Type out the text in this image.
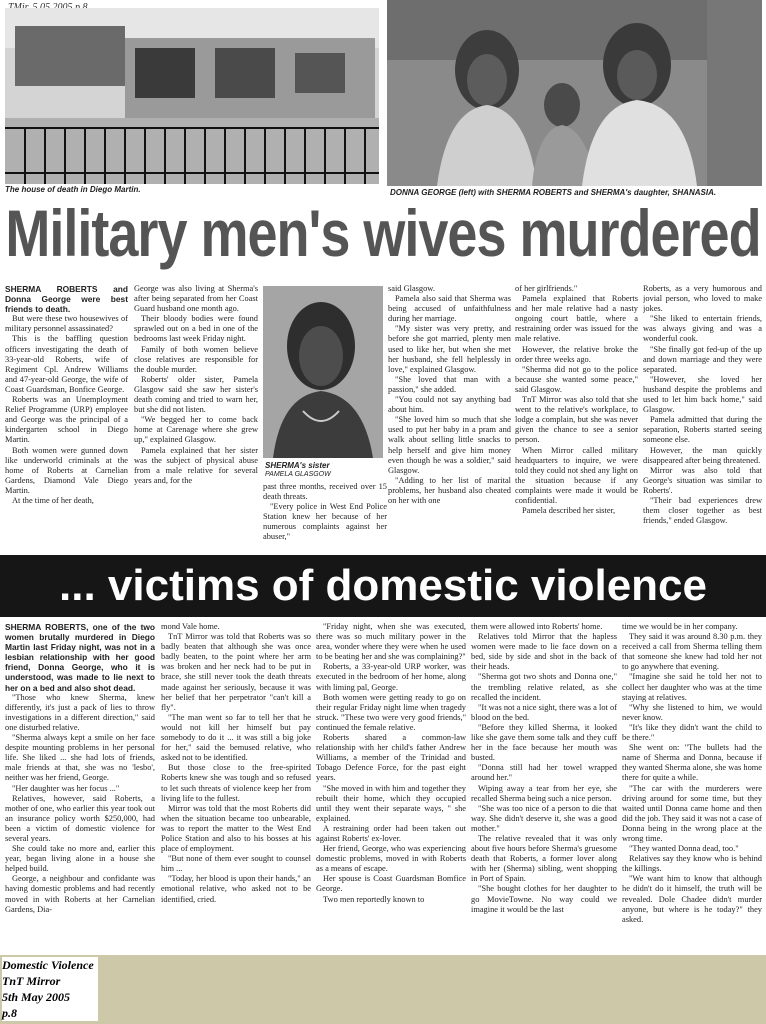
The house of death in Diego Martin.	DONNA GEORGE (left) with SHERMA ROBERTS and SHERMA's daughter, SHANASIA.
Military men's wives murdered

SHERMA ROBERTS and Donna George were best friends to death.

But were these two housewives of military personnel assassinated?

This is the baffling question officers investigating the death of 33-year-old Roberts, wife of Regiment Cpl. Andrew Williams and 47-year-old George, the wife of Coast Guardsman, Bonfice George.

Roberts was an Unemployment Relief Programme (URP) employee and George was the principal of a kindergarten school in Diego Martin.

Both women were gunned down like underworld criminals at the home of Roberts at Carnelian Gardens, Diamond Vale Diego Martin.

At the time of her death,

George was also living at Sherma's after being separated from her Coast Guard husband one month ago.

Their bloody bodies were found sprawled out on a bed in one of the bedrooms last week Friday night.

Family of both women believe close relatives are responsible for the double murder.

Roberts' older sister, Pamela Glasgow said she saw her sister's death coming and tried to warn her, but she did not listen.

"We begged her to come back home at Carenage where she grew up," explained Glasgow.

Pamela explained that her sister was the subject of physical abuse from a male relative for several years and, for the

SHERMA's sister
PAMELA GLASGOW

past three months, received over 15 death threats.

"Every police in West End Police Station knew her because of her numerous complaints against her abuser,"

said Glasgow.

Pamela also said that Sherma was being accused of unfaithfulness during her marriage.

"My sister was very pretty, and before she got married, plenty men used to like her, but when she met her husband, she fell helplessly in love," explained Glasgow.

"She loved that man with a passion," she added.

"You could not say anything bad about him.

"She loved him so much that she used to put her baby in a pram and walk about selling little snacks to help herself and give him money even though he was a soldier," said Glasgow.

"Adding to her list of marital problems, her husband also cheated on her with one

of her girlfriends."

Pamela explained that Roberts and her male relative had a nasty ongoing court battle, where a restraining order was issued for the male relative.

However, the relative broke the order three weeks ago.

"Sherma did not go to the police because she wanted some peace," said Glasgow.

TnT Mirror was also told that she went to the relative's workplace, to lodge a complain, but she was never given the chance to see a senior person.

When Mirror called military headquarters to inquire, we were told they could not shed any light on the situation because if any complaints were made it would be confidential.

Pamela described her sister,

Roberts, as a very humorous and jovial person, who loved to make jokes.

"She liked to entertain friends, was always giving and was a wonderful cook.

"She finally got fed-up of the up and down marriage and they were separated.

"However, she loved her husband despite the problems and used to let him back home," said Glasgow.

Pamela admitted that during the separation, Roberts started seeing someone else.

However, the man quickly disappeared after being threatened.

Mirror was also told that George's situation was similar to Roberts'.

"Their bad experiences drew them closer together as best friends," ended Glasgow.

... victims of domestic violence

SHERMA ROBERTS, one of the two women brutally murdered in Diego Martin last Friday night, was not in a lesbian relationship with her good friend, Donna George, who it is understood, was made to lie next to her on a bed and also shot dead.

"Those who knew Sherma, knew differently, it's just a pack of lies to throw investigations in a different direction," said one disturbed relative.

"Sherma always kept a smile on her face despite mounting problems in her personal life. She liked ... she had lots of friends, male friends at that, she was no 'lesbo', neither was her friend, George.

"Her daughter was her focus ..."

Relatives, however, said Roberts, a mother of one, who earlier this year took out an insurance policy worth $250,000, had been a victim of domestic violence for several years.

She could take no more and, earlier this year, began living alone in a house she helped build.

George, a neighbour and confidante was having domestic problems and had recently moved in with Roberts at her Carnelian Gardens, Dia-

mond Vale home.

TnT Mirror was told that Roberts was so badly beaten that although she was once badly beaten, to the point where her arm was broken and her neck had to be put in brace, she still never took the death threats made against her seriously, because it was her belief that her perpetrator "can't kill a fly".

"The man went so far to tell her that he would not kill her himself but pay somebody to do it ... it was still a big joke for her," said the bemused relative, who asked not to be identified.

But those close to the free-spirited Roberts knew she was tough and so refused to let such threats of violence keep her from living life to the fullest.

Mirror was told that the most Roberts did when the situation became too unbearable, was to report the matter to the West End Police Station and also to his bosses at his place of employment.

"But none of them ever sought to counsel him ...

"Today, her blood is upon their hands," an emotional relative, who asked not to be identified, cried.

"Friday night, when she was executed, there was so much military power in the area, wonder where they were when he used to be beating her and she was complaining?"

Roberts, a 33-year-old URP worker, was executed in the bedroom of her home, along with liming pal, George.

Both women were getting ready to go on their regular Friday night lime when tragedy struck. "These two were very good friends," continued the female relative.

Roberts shared a common-law relationship with her child's father Andrew Williams, a member of the Trinidad and Tobago Defence Force, for the past eight years.

"She moved in with him and together they rebuilt their home, which they occupied until they went their separate ways, " she explained.

A restraining order had been taken out against Roberts' ex-lover.

Her friend, George, who was experiencing domestic problems, moved in with Roberts as a means of escape.

Her spouse is Coast Guardsman Bomfice George.

Two men reportedly known to

them were allowed into Roberts' home.

Relatives told Mirror that the hapless women were made to lie face down on a bed, side by side and shot in the back of their heads.

"Sherma got two shots and Donna one," the trembling relative related, as she recalled the incident.

"It was not a nice sight, there was a lot of blood on the bed.

"Before they killed Sherma, it looked like she gave them some talk and they cuff her in the face because her mouth was busted.

"Donna still had her towel wrapped around her."

Wiping away a tear from her eye, she recalled Sherma being such a nice person.

"She was too nice of a person to die that way. She didn't deserve it, she was a good mother."

The relative revealed that it was only about five hours before Sherma's gruesome death that Roberts, a former lover along with her (Sherma) sibling, went shopping in Port of Spain.

"She bought clothes for her daughter to go MovieTowne. No way could we imagine it would be the last

time we would be in her company.

They said it was around 8.30 p.m. they received a call from Sherma telling them that someone she knew had told her not to go anywhere that evening.

"Imagine she said he told her not to collect her daughter who was at the time staying at relatives.

"Why she listened to him, we would never know.

"It's like they didn't want the child to be there."

She went on: "The bullets had the name of Sherma and Donna, because if they wanted Sherma alone, she was home there for quite a while.

"The car with the murderers were driving around for some time, but they waited until Donna came home and then did the job. They said it was not a case of Donna being in the wrong place at the wrong time.

"They wanted Donna dead, too."

Relatives say they know who is behind the killings.

"We want him to know that although he didn't do it himself, the truth will be revealed. Dole Chadee didn't murder anyone, but where is he today?" they asked.

Domestic Violence
TnT Mirror
5th May 2005
p.8
